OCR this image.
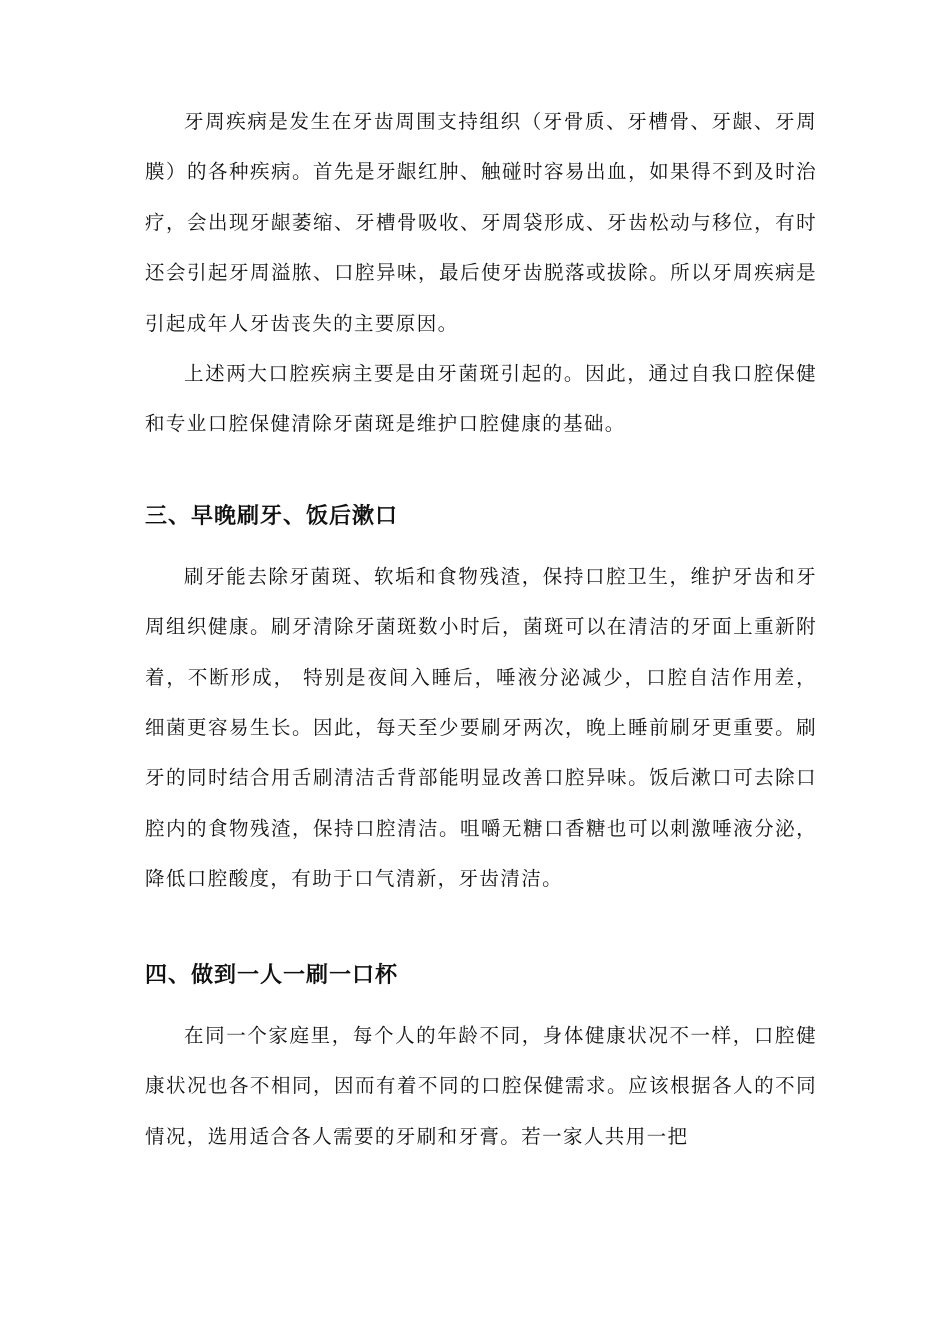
牙周疾病是发生在牙齿周围支持组织（牙骨质、牙槽骨、牙龈、牙周膜）的各种疾病。首先是牙龈红肿、触碰时容易出血，如果得不到及时治疗，会出现牙龈萎缩、牙槽骨吸收、牙周袋形成、牙齿松动与移位，有时还会引起牙周溢脓、口腔异味，最后使牙齿脱落或拔除。所以牙周疾病是引起成年人牙齿丧失的主要原因。

上述两大口腔疾病主要是由牙菌斑引起的。因此，通过自我口腔保健和专业口腔保健清除牙菌斑是维护口腔健康的基础。

三、早晚刷牙、饭后漱口

刷牙能去除牙菌斑、软垢和食物残渣，保持口腔卫生，维护牙齿和牙周组织健康。刷牙清除牙菌斑数小时后，菌斑可以在清洁的牙面上重新附着，不断形成， 特别是夜间入睡后，唾液分泌减少，口腔自洁作用差，细菌更容易生长。因此，每天至少要刷牙两次，晚上睡前刷牙更重要。刷牙的同时结合用舌刷清洁舌背部能明显改善口腔异味。饭后漱口可去除口腔内的食物残渣，保持口腔清洁。咀嚼无糖口香糖也可以刺激唾液分泌，降低口腔酸度，有助于口气清新，牙齿清洁。

四、做到一人一刷一口杯

在同一个家庭里，每个人的年龄不同，身体健康状况不一样，口腔健康状况也各不相同，因而有着不同的口腔保健需求。应该根据各人的不同情况，选用适合各人需要的牙刷和牙膏。若一家人共用一把
